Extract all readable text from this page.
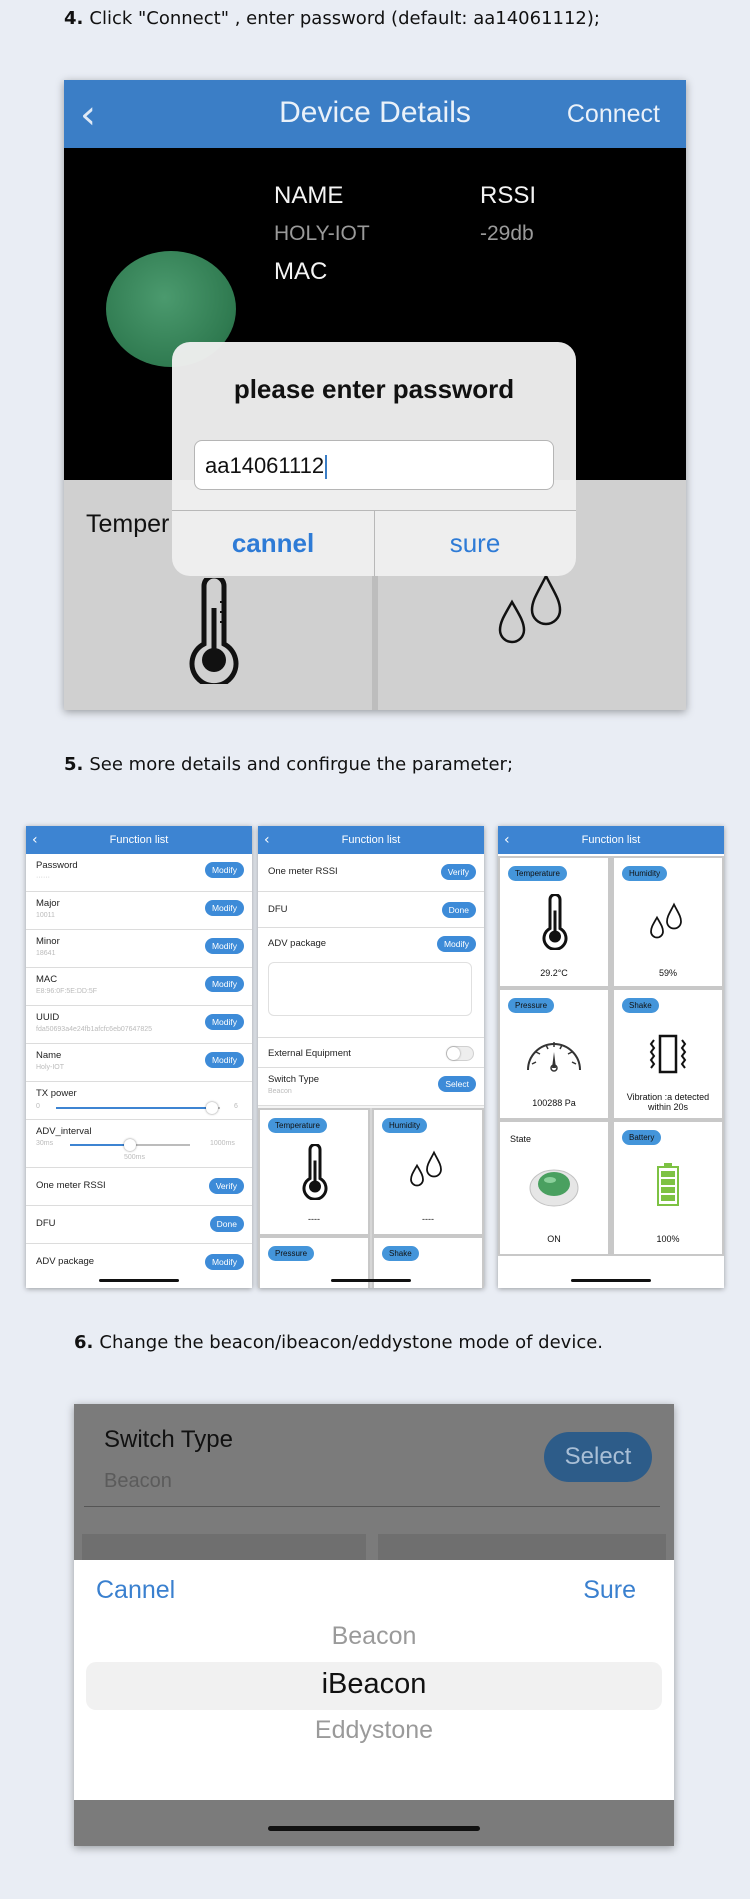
4. Click "Connect" , enter password (default: aa14061112);
‹	Device Details	Connect
NAME
HOLY-IOT
RSSI
-29db
MAC
Temper
please enter password
aa14061112
cannel	sure
5. See more details and confirgue the parameter;
‹	Function list
Password
······
Modify
Major
10011
Modify
Minor
18641
Modify
MAC
E8:96:0F:5E:DD:5F
Modify
UUID
fda50693a4e24fb1afcfc6eb07647825
Modify
Name
Holy-IOT
Modify
TX power
0	6
ADV_interval
30ms	1000ms
500ms
One meter RSSI	Verify
DFU	Done
ADV package	Modify
‹	Function list
One meter RSSI	Verify
DFU	Done
ADV package	Modify
External Equipment
Switch Type
Beacon
Select
Temperature
----
Humidity
----
Pressure	Shake
‹	Function list
Temperature
29.2°C
Humidity
59%
Pressure
100288 Pa
Shake
Vibration :a detected within 20s
State
ON
Battery
100%
6. Change the beacon/ibeacon/eddystone mode of device.
Switch Type
Beacon
Select
Cannel	Sure
Beacon
iBeacon
Eddystone
